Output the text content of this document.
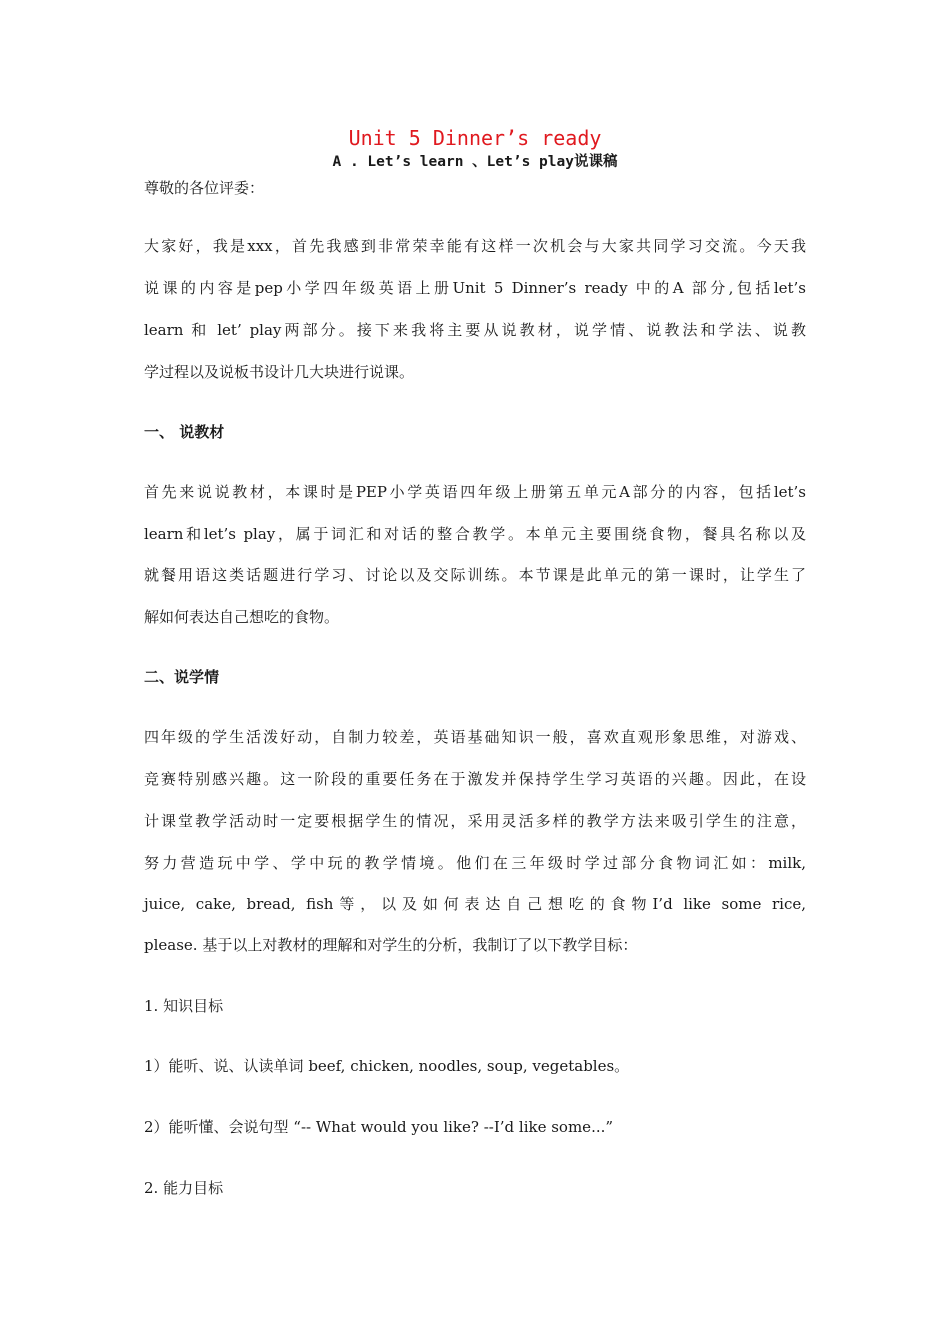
Unit 5 Dinner’s ready
A . Let’s learn 、Let’s play说课稿
尊敬的各位评委：
大家好，我是xxx，首先我感到非常荣幸能有这样一次机会与大家共同学习交流。今天我
说课的内容是pep小学四年级英语上册Unit 5 Dinner’s ready 中的A 部分,包括let’s
learn 和 let’ play两部分。接下来我将主要从说教材，说学情、说教法和学法、说教
学过程以及说板书设计几大块进行说课。
一、 说教材
首先来说说教材，本课时是PEP小学英语四年级上册第五单元A部分的内容，包括let’s
learn和let’s play，属于词汇和对话的整合教学。本单元主要围绕食物，餐具名称以及
就餐用语这类话题进行学习、讨论以及交际训练。本节课是此单元的第一课时，让学生了
解如何表达自己想吃的食物。
二、说学情
四年级的学生活泼好动，自制力较差，英语基础知识一般，喜欢直观形象思维，对游戏、
竞赛特别感兴趣。这一阶段的重要任务在于激发并保持学生学习英语的兴趣。因此，在设
计课堂教学活动时一定要根据学生的情况，采用灵活多样的教学方法来吸引学生的注意，
努力营造玩中学、学中玩的教学情境。他们在三年级时学过部分食物词汇如：milk,
juice, cake, bread, fish等，以及如何表达自己想吃的食物I’d like some rice,
please. 基于以上对教材的理解和对学生的分析，我制订了以下教学目标：
1. 知识目标
1）能听、说、认读单词 beef, chicken, noodles, soup, vegetables。
2）能听懂、会说句型 “-- What would you like? --I’d like some...”
2. 能力目标
